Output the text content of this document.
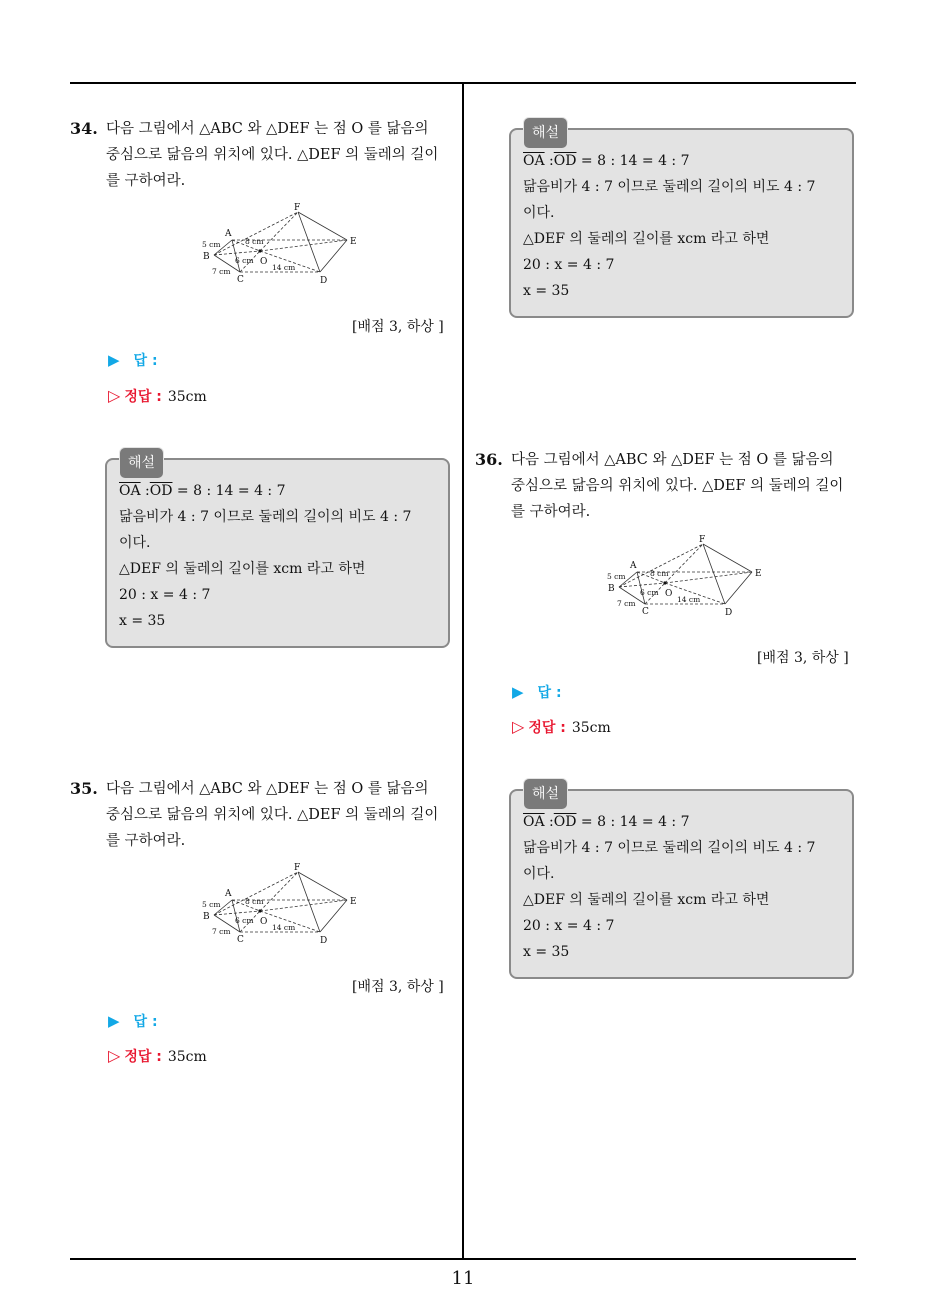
34. 다음 그림에서 △ABC 와 △DEF 는 점 O 를 닮음의
중심으로 닮음의 위치에 있다. △DEF 의 둘레의 길이
를 구하여라.
F
E
D
A
B
C
O
5 cm
7 cm
8 cm
6 cm
14 cm
[배점 3, 하상 ]
▶ 답 :
▷ 정답 : 35cm
해설
$\overline{OA}$ $:\overline{OD} = 8$ : 14 = 4 : 7
닮음비가 4 : 7 이므로 둘레의 길이의 비도 4 : 7
이다.
△DEF 의 둘레의 길이를 xcm 라고 하면
20 : x = 4 : 7
x = 35
35. 다음 그림에서 △ABC 와 △DEF 는 점 O 를 닮음의
중심으로 닮음의 위치에 있다. △DEF 의 둘레의 길이
를 구하여라.
F
E
D
A
B
C
O
5 cm
7 cm
8 cm
6 cm
14 cm
[배점 3, 하상 ]
▶ 답 :
▷ 정답 : 35cm
해설
$\overline{OA}$ $:\overline{OD} = 8$ : 14 = 4 : 7
닮음비가 4 : 7 이므로 둘레의 길이의 비도 4 : 7
이다.
△DEF 의 둘레의 길이를 xcm 라고 하면
20 : x = 4 : 7
x = 35
36. 다음 그림에서 △ABC 와 △DEF 는 점 O 를 닮음의
중심으로 닮음의 위치에 있다. △DEF 의 둘레의 길이
를 구하여라.
F
E
D
A
B
C
O
5 cm
7 cm
8 cm
6 cm
14 cm
[배점 3, 하상 ]
▶ 답 :
▷ 정답 : 35cm
해설
$\overline{OA}$ $:\overline{OD} = 8$ : 14 = 4 : 7
닮음비가 4 : 7 이므로 둘레의 길이의 비도 4 : 7
이다.
△DEF 의 둘레의 길이를 xcm 라고 하면
20 : x = 4 : 7
x = 35
11
